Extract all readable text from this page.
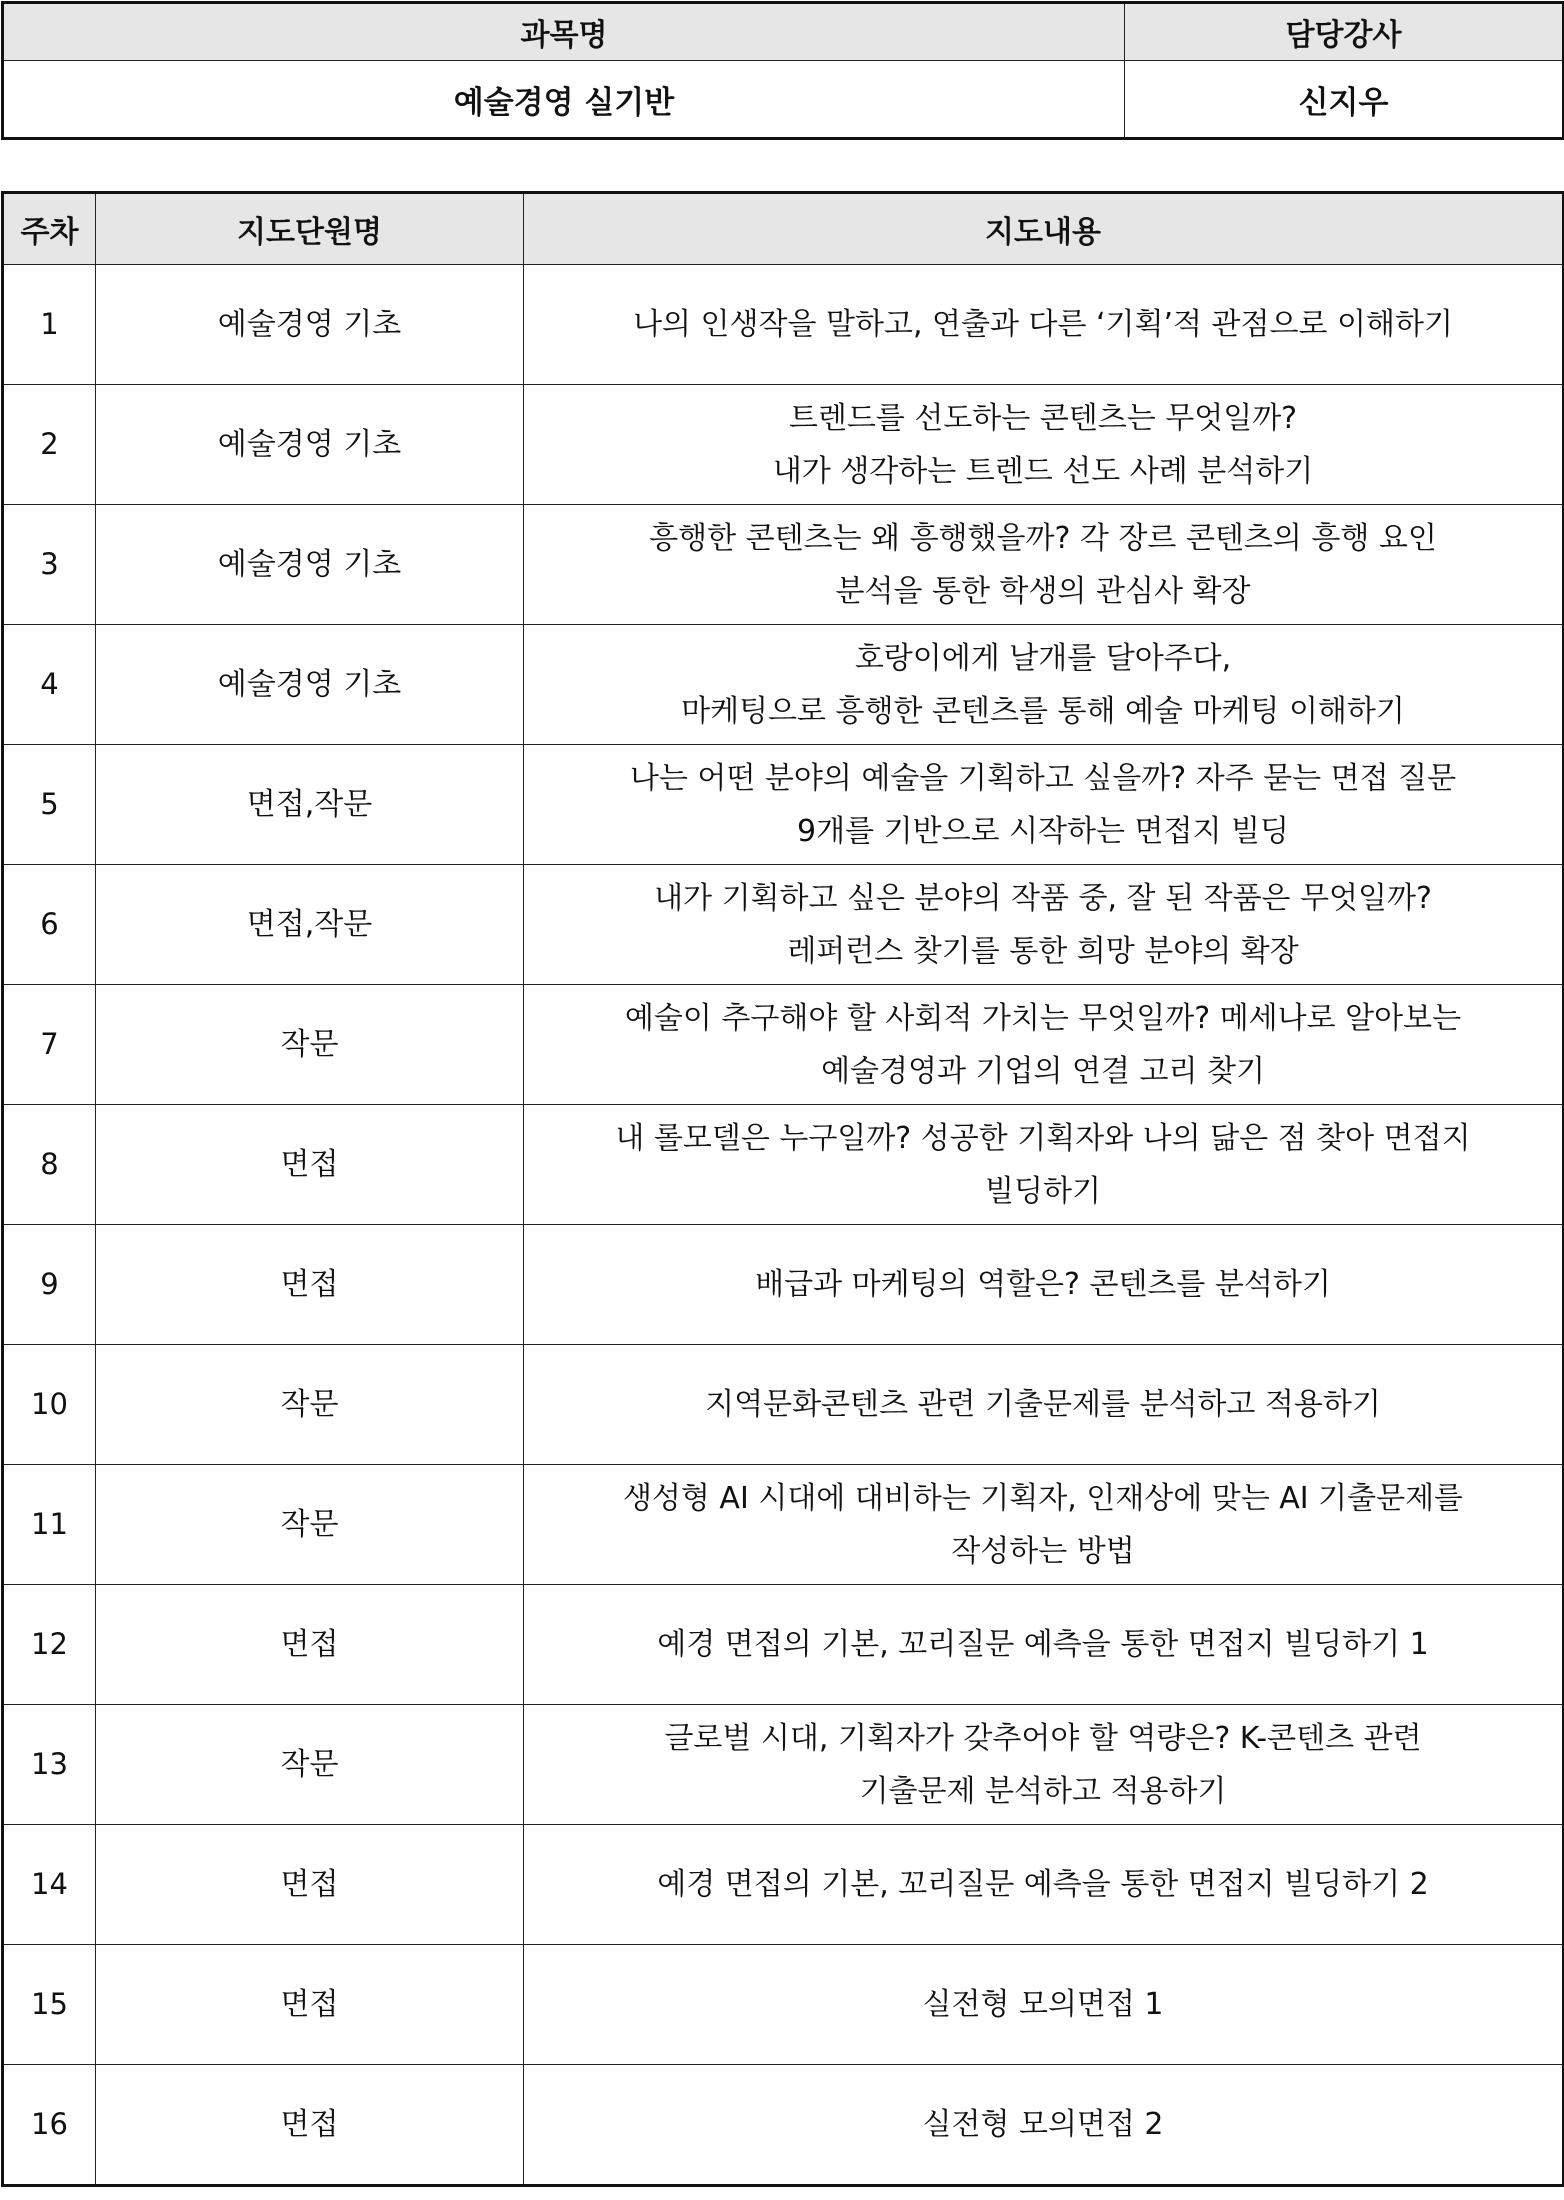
과목명	담당강사
예술경영 실기반	신지우
주차	지도단원명	지도내용
1	예술경영 기초	나의 인생작을 말하고, 연출과 다른 ‘기획’적 관점으로 이해하기

2	예술경영 기초	트렌드를 선도하는 콘텐츠는 무엇일까?
내가 생각하는 트렌드 선도 사례 분석하기

3	예술경영 기초	흥행한 콘텐츠는 왜 흥행했을까? 각 장르 콘텐츠의 흥행 요인
분석을 통한 학생의 관심사 확장

4	예술경영 기초	호랑이에게 날개를 달아주다,
마케팅으로 흥행한 콘텐츠를 통해 예술 마케팅 이해하기

5	면접,작문	나는 어떤 분야의 예술을 기획하고 싶을까? 자주 묻는 면접 질문
9개를 기반으로 시작하는 면접지 빌딩

6	면접,작문	내가 기획하고 싶은 분야의 작품 중, 잘 된 작품은 무엇일까?
레퍼런스 찾기를 통한 희망 분야의 확장

7	작문	예술이 추구해야 할 사회적 가치는 무엇일까? 메세나로 알아보는
예술경영과 기업의 연결 고리 찾기

8	면접	내 롤모델은 누구일까? 성공한 기획자와 나의 닮은 점 찾아 면접지
빌딩하기

9	면접	배급과 마케팅의 역할은? 콘텐츠를 분석하기

10	작문	지역문화콘텐츠 관련 기출문제를 분석하고 적용하기

11	작문	생성형 AI 시대에 대비하는 기획자, 인재상에 맞는 AI 기출문제를
작성하는 방법

12	면접	예경 면접의 기본, 꼬리질문 예측을 통한 면접지 빌딩하기 1

13	작문	글로벌 시대, 기획자가 갖추어야 할 역량은? K-콘텐츠 관련
기출문제 분석하고 적용하기

14	면접	예경 면접의 기본, 꼬리질문 예측을 통한 면접지 빌딩하기 2

15	면접	실전형 모의면접 1

16	면접	실전형 모의면접 2
